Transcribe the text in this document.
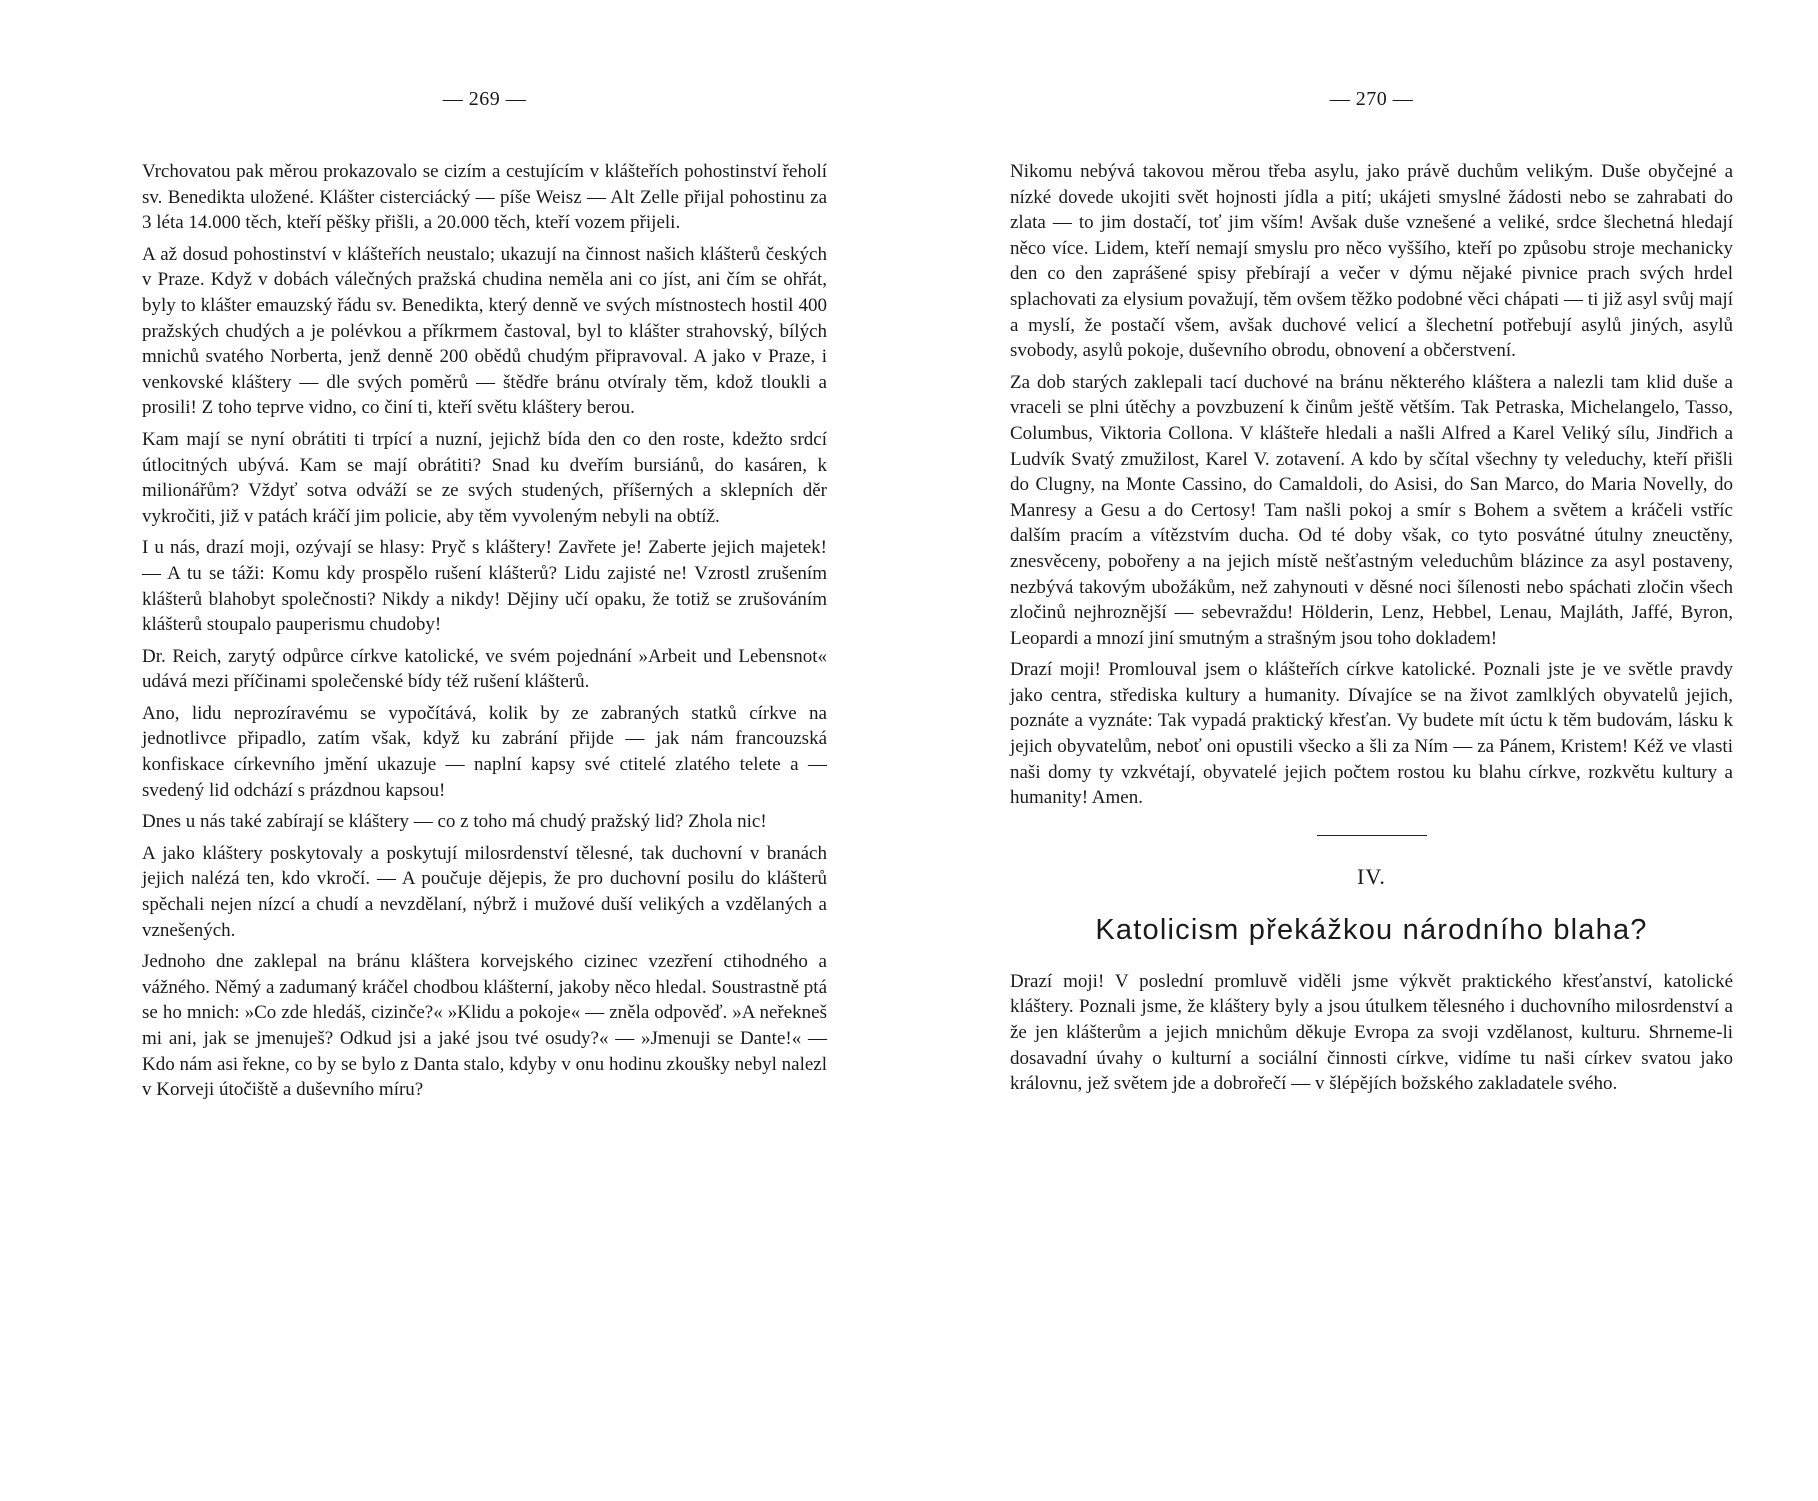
— 269 —

Vrchovatou pak měrou prokazovalo se cizím a cestujícím v klášteřích pohostinství řeholí sv. Benedikta uložené. Klášter cisterciácký — píše Weisz — Alt Zelle přijal pohostinu za 3 léta 14.000 těch, kteří pěšky přišli, a 20.000 těch, kteří vozem přijeli.

A až dosud pohostinství v klášteřích neustalo; ukazují na činnost našich klášterů českých v Praze. Když v dobách válečných pražská chudina neměla ani co jíst, ani čím se ohřát, byly to klášter emauzský řádu sv. Benedikta, který denně ve svých místnostech hostil 400 pražských chudých a je polévkou a příkrmem častoval, byl to klášter strahovský, bílých mnichů svatého Norberta, jenž denně 200 obědů chudým připravoval. A jako v Praze, i venkovské kláštery — dle svých poměrů — štědře bránu otvíraly těm, kdož tloukli a prosili! Z toho teprve vidno, co činí ti, kteří světu kláštery berou.

Kam mají se nyní obrátiti ti trpící a nuzní, jejichž bída den co den roste, kdežto srdcí útlocitných ubývá. Kam se mají obrátiti? Snad ku dveřím bursiánů, do kasáren, k milionářům? Vždyť sotva odváží se ze svých studených, příšerných a sklepních děr vykročiti, již v patách kráčí jim policie, aby těm vyvoleným nebyli na obtíž.

I u nás, drazí moji, ozývají se hlasy: Pryč s kláštery! Zavřete je! Zaberte jejich majetek! — A tu se táži: Komu kdy prospělo rušení klášterů? Lidu zajisté ne! Vzrostl zrušením klášterů blahobyt společnosti? Nikdy a nikdy! Dějiny učí opaku, že totiž se zrušováním klášterů stoupalo pauperismu chudoby!

Dr. Reich, zarytý odpůrce církve katolické, ve svém pojednání »Arbeit und Lebensnot« udává mezi příčinami společenské bídy též rušení klášterů.

Ano, lidu neprozíravému se vypočítává, kolik by ze zabraných statků církve na jednotlivce připadlo, zatím však, když ku zabrání přijde — jak nám francouzská konfiskace církevního jmění ukazuje — naplní kapsy své ctitelé zlatého telete a — svedený lid odchází s prázdnou kapsou!

Dnes u nás také zabírají se kláštery — co z toho má chudý pražský lid? Zhola nic!

A jako kláštery poskytovaly a poskytují milosrdenství tělesné, tak duchovní v branách jejich nalézá ten, kdo vkročí. — A poučuje dějepis, že pro duchovní posilu do klášterů spěchali nejen nízcí a chudí a nevzdělaní, nýbrž i mužové duší velikých a vzdělaných a vznešených.

Jednoho dne zaklepal na bránu kláštera korvejského cizinec vzezření ctihodného a vážného. Němý a zadumaný kráčel chodbou klášterní, jakoby něco hledal. Soustrastně ptá se ho mnich: »Co zde hledáš, cizinče?« »Klidu a pokoje« — zněla odpověď. »A neřekneš mi ani, jak se jmenuješ? Odkud jsi a jaké jsou tvé osudy?« — »Jmenuji se Dante!« — Kdo nám asi řekne, co by se bylo z Danta stalo, kdyby v onu hodinu zkoušky nebyl nalezl v Korveji útočiště a duševního míru?

— 270 —

Nikomu nebývá takovou měrou třeba asylu, jako právě duchům velikým. Duše obyčejné a nízké dovede ukojiti svět hojnosti jídla a pití; ukájeti smyslné žádosti nebo se zahrabati do zlata — to jim dostačí, toť jim vším! Avšak duše vznešené a veliké, srdce šlechetná hledají něco více. Lidem, kteří nemají smyslu pro něco vyššího, kteří po způsobu stroje mechanicky den co den zaprášené spisy přebírají a večer v dýmu nějaké pivnice prach svých hrdel splachovati za elysium považují, těm ovšem těžko podobné věci chápati — ti již asyl svůj mají a myslí, že postačí všem, avšak duchové velicí a šlechetní potřebují asylů jiných, asylů svobody, asylů pokoje, duševního obrodu, obnovení a občerstvení.

Za dob starých zaklepali tací duchové na bránu některého kláštera a nalezli tam klid duše a vraceli se plni útěchy a povzbuzení k činům ještě větším. Tak Petraska, Michelangelo, Tasso, Columbus, Viktoria Collona. V klášteře hledali a našli Alfred a Karel Veliký sílu, Jindřich a Ludvík Svatý zmužilost, Karel V. zotavení. A kdo by sčítal všechny ty veleduchy, kteří přišli do Clugny, na Monte Cassino, do Camaldoli, do Asisi, do San Marco, do Maria Novelly, do Manresy a Gesu a do Certosy! Tam našli pokoj a smír s Bohem a světem a kráčeli vstříc dalším pracím a vítězstvím ducha. Od té doby však, co tyto posvátné útulny zneuctěny, znesvěceny, pobořeny a na jejich místě nešťastným veleduchům blázince za asyl postaveny, nezbývá takovým ubožákům, než zahynouti v děsné noci šílenosti nebo spáchati zločin všech zločinů nejhroznější — sebevraždu! Hölderin, Lenz, Hebbel, Lenau, Majláth, Jaffé, Byron, Leopardi a mnozí jiní smutným a strašným jsou toho dokladem!

Drazí moji! Promlouval jsem o klášteřích církve katolické. Poznali jste je ve světle pravdy jako centra, střediska kultury a humanity. Dívajíce se na život zamlklých obyvatelů jejich, poznáte a vyznáte: Tak vypadá praktický křesťan. Vy budete mít úctu k těm budovám, lásku k jejich obyvatelům, neboť oni opustili všecko a šli za Ním — za Pánem, Kristem! Kéž ve vlasti naši domy ty vzkvétají, obyvatelé jejich počtem rostou ku blahu církve, rozkvětu kultury a humanity! Amen.

IV.
Katolicism překážkou národního blaha?

Drazí moji! V poslední promluvě viděli jsme výkvět praktického křesťanství, katolické kláštery. Poznali jsme, že kláštery byly a jsou útulkem tělesného i duchovního milosrdenství a že jen klášterům a jejich mnichům děkuje Evropa za svoji vzdělanost, kulturu. Shrneme-li dosavadní úvahy o kulturní a sociální činnosti církve, vidíme tu naši církev svatou jako královnu, jež světem jde a dobrořečí — v šlépějích božského zakladatele svého.
